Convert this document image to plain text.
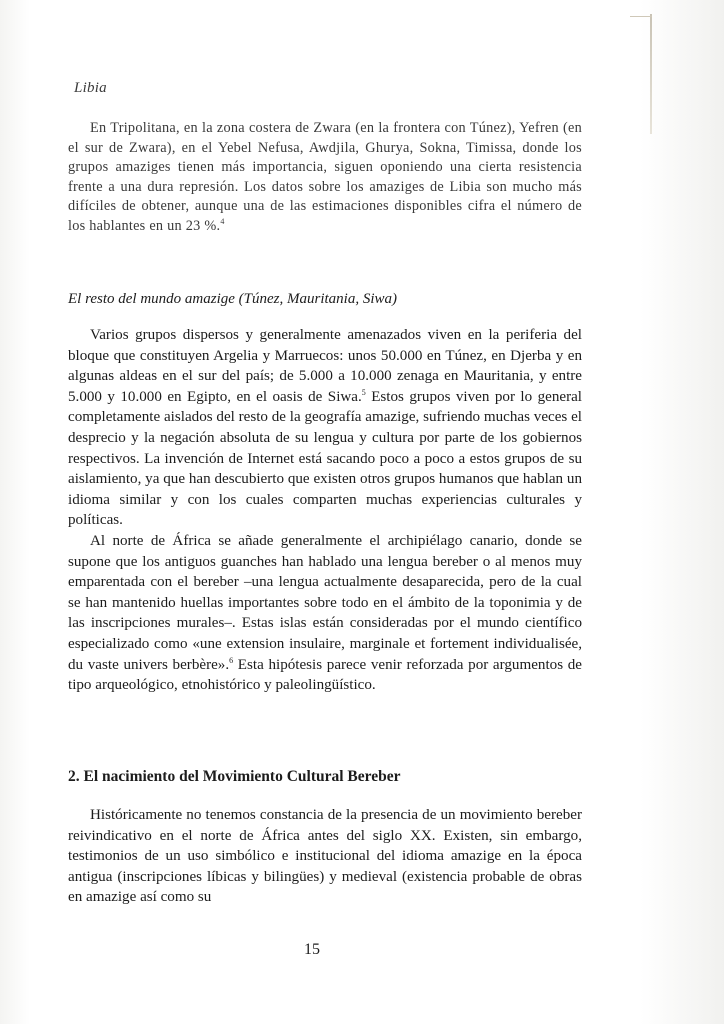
Libia

En Tripolitana, en la zona costera de Zwara (en la frontera con Túnez), Yefren (en el sur de Zwara), en el Yebel Nefusa, Awdjila, Ghurya, Sokna, Timissa, donde los grupos amaziges tienen más importancia, siguen oponiendo una cierta resistencia frente a una dura represión. Los datos sobre los amaziges de Libia son mucho más difíciles de obtener, aunque una de las estimaciones disponibles cifra el número de los hablantes en un 23 %.$^4$

El resto del mundo amazige (Túnez, Mauritania, Siwa)

Varios grupos dispersos y generalmente amenazados viven en la periferia del bloque que constituyen Argelia y Marruecos: unos 50.000 en Túnez, en Djerba y en algunas aldeas en el sur del país; de 5.000 a 10.000 zenaga en Mauritania, y entre 5.000 y 10.000 en Egipto, en el oasis de Siwa.$^5$ Estos grupos viven por lo general completamente aislados del resto de la geografía amazige, sufriendo muchas veces el desprecio y la negación absoluta de su lengua y cultura por parte de los gobiernos respectivos. La invención de Internet está sacando poco a poco a estos grupos de su aislamiento, ya que han descubierto que existen otros grupos humanos que hablan un idioma similar y con los cuales comparten muchas experiencias culturales y políticas.

Al norte de África se añade generalmente el archipiélago canario, donde se supone que los antiguos guanches han hablado una lengua bereber o al menos muy emparentada con el bereber –una lengua actualmente desaparecida, pero de la cual se han mantenido huellas importantes sobre todo en el ámbito de la toponimia y de las inscripciones murales–. Estas islas están consideradas por el mundo científico especializado como «une extension insulaire, marginale et fortement individualisée, du vaste univers berbère».$^6$ Esta hipótesis parece venir reforzada por argumentos de tipo arqueológico, etnohistórico y paleolingüístico.

2. El nacimiento del Movimiento Cultural Bereber

Históricamente no tenemos constancia de la presencia de un movimiento bereber reivindicativo en el norte de África antes del siglo XX. Existen, sin embargo, testimonios de un uso simbólico e institucional del idioma amazige en la época antigua (inscripciones líbicas y bilingües) y medieval (existencia probable de obras en amazige así como su

15
